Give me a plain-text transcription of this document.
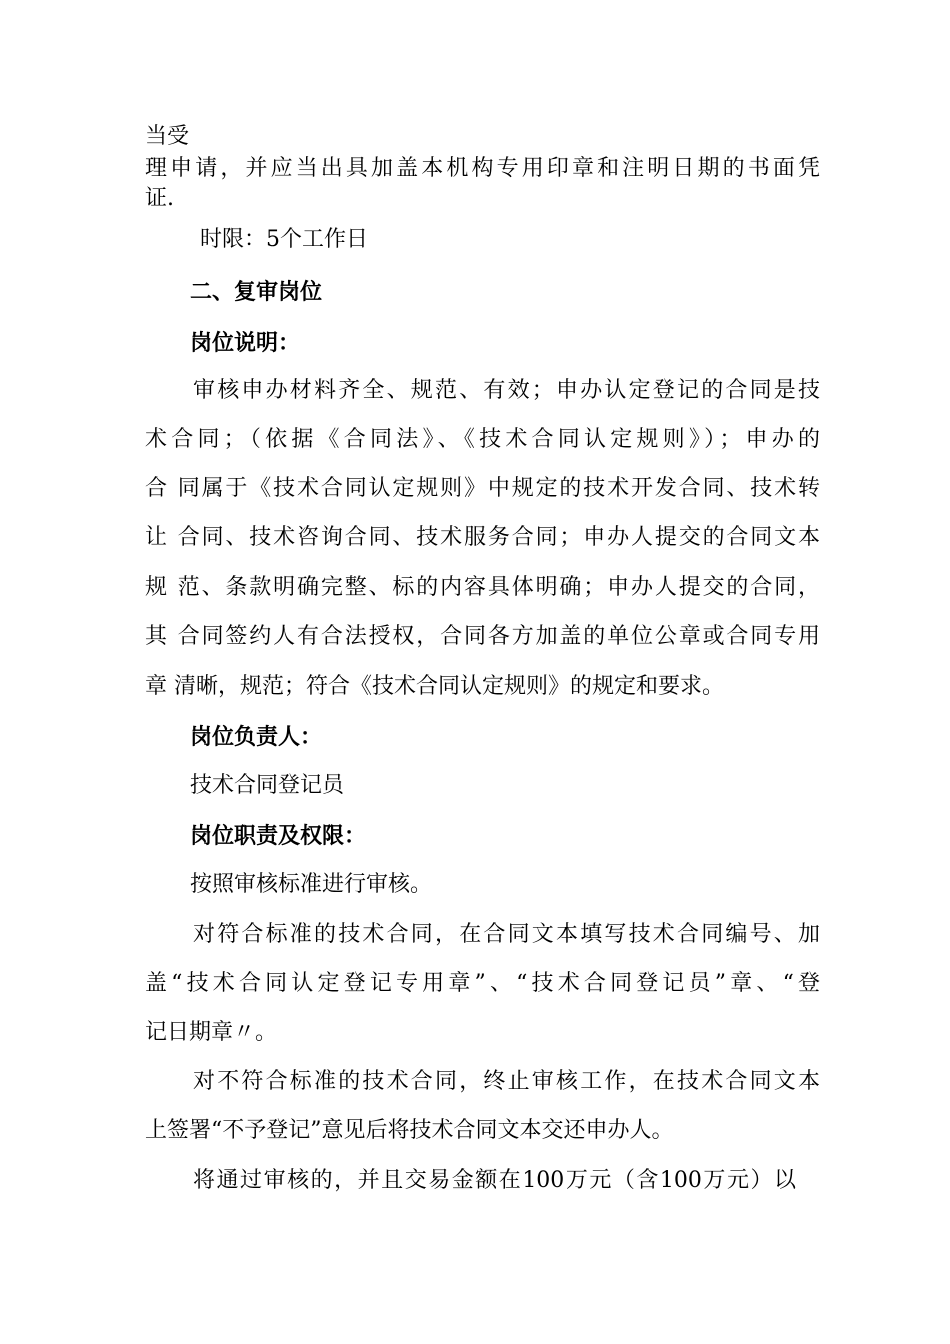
当受
理申请，并应当出具加盖本机构专用印章和注明日期的书面凭
证.
时限：5个工作日
二、复审岗位
岗位说明：
审核申办材料齐全、规范、有效；申办认定登记的合同是技
术合同；（依据《合同法》、《技术合同认定规则》）；申办的
合 同属于《技术合同认定规则》中规定的技术开发合同、技术转
让 合同、技术咨询合同、技术服务合同；申办人提交的合同文本
规 范、条款明确完整、标的内容具体明确；申办人提交的合同，
其 合同签约人有合法授权，合同各方加盖的单位公章或合同专用
章 清晰，规范；符合《技术合同认定规则》的规定和要求。
岗位负责人：
技术合同登记员
岗位职责及权限：
按照审核标准进行审核。
对符合标准的技术合同，在合同文本填写技术合同编号、加
盖“技术合同认定登记专用章”、“技术合同登记员”章、“登
记日期章〃。
对不符合标准的技术合同，终止审核工作，在技术合同文本
上签署“不予登记”意见后将技术合同文本交还申办人。
将通过审核的，并且交易金额在100万元（含100万元）以
